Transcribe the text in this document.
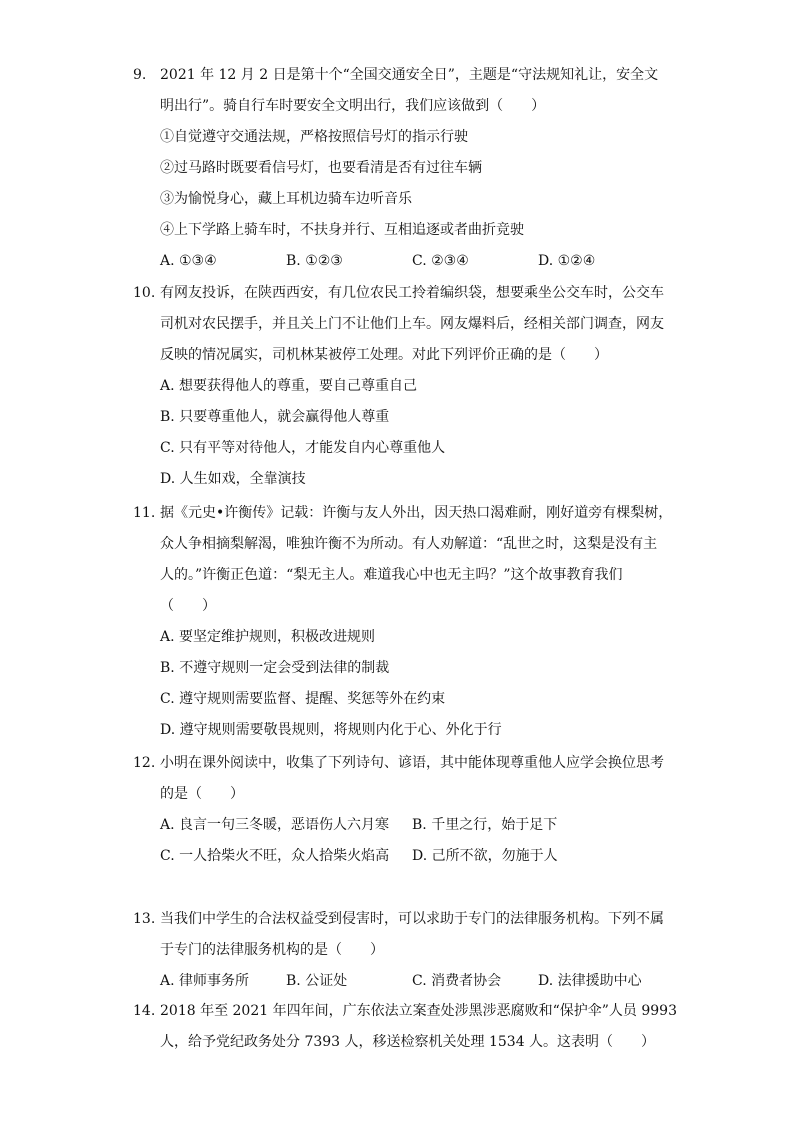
9. 2021 年 12 月 2 日是第十个“全国交通安全日”，主题是“守法规知礼让，安全文
明出行”。骑自行车时要安全文明出行，我们应该做到（　　）
①自觉遵守交通法规，严格按照信号灯的指示行驶
②过马路时既要看信号灯，也要看清是否有过往车辆
③为愉悦身心，藏上耳机边骑车边听音乐
④上下学路上骑车时，不扶身并行、互相追逐或者曲折竞驶
A. ①③④	B. ①②③	C. ②③④	D. ①②④
10. 有网友投诉，在陕西西安，有几位农民工拎着编织袋，想要乘坐公交车时，公交车
司机对农民摆手，并且关上门不让他们上车。网友爆料后，经相关部门调查，网友
反映的情况属实，司机林某被停工处理。对此下列评价正确的是（　　）
A. 想要获得他人的尊重，要自己尊重自己
B. 只要尊重他人，就会赢得他人尊重
C. 只有平等对待他人，才能发自内心尊重他人
D. 人生如戏，全靠演技
11. 据《元史•许衡传》记载：许衡与友人外出，因天热口渴难耐，刚好道旁有棵梨树，
众人争相摘梨解渴，唯独许衡不为所动。有人劝解道：“乱世之时，这梨是没有主
人的。”许衡正色道：“梨无主人。难道我心中也无主吗？”这个故事教育我们
（　　）
A. 要坚定维护规则，积极改进规则
B. 不遵守规则一定会受到法律的制裁
C. 遵守规则需要监督、提醒、奖惩等外在约束
D. 遵守规则需要敬畏规则，将规则内化于心、外化于行
12. 小明在课外阅读中，收集了下列诗句、谚语，其中能体现尊重他人应学会换位思考
的是（　　）
A. 良言一句三冬暖，恶语伤人六月寒	B. 千里之行，始于足下
C. 一人拾柴火不旺，众人拾柴火焰高	D. 己所不欲，勿施于人
13. 当我们中学生的合法权益受到侵害时，可以求助于专门的法律服务机构。下列不属
于专门的法律服务机构的是（　　）
A. 律师事务所	B. 公证处	C. 消费者协会	D. 法律援助中心
14. 2018 年至 2021 年四年间，广东依法立案查处涉黑涉恶腐败和“保护伞”人员 9993
人，给予党纪政务处分 7393 人，移送检察机关处理 1534 人。这表明（　　）
